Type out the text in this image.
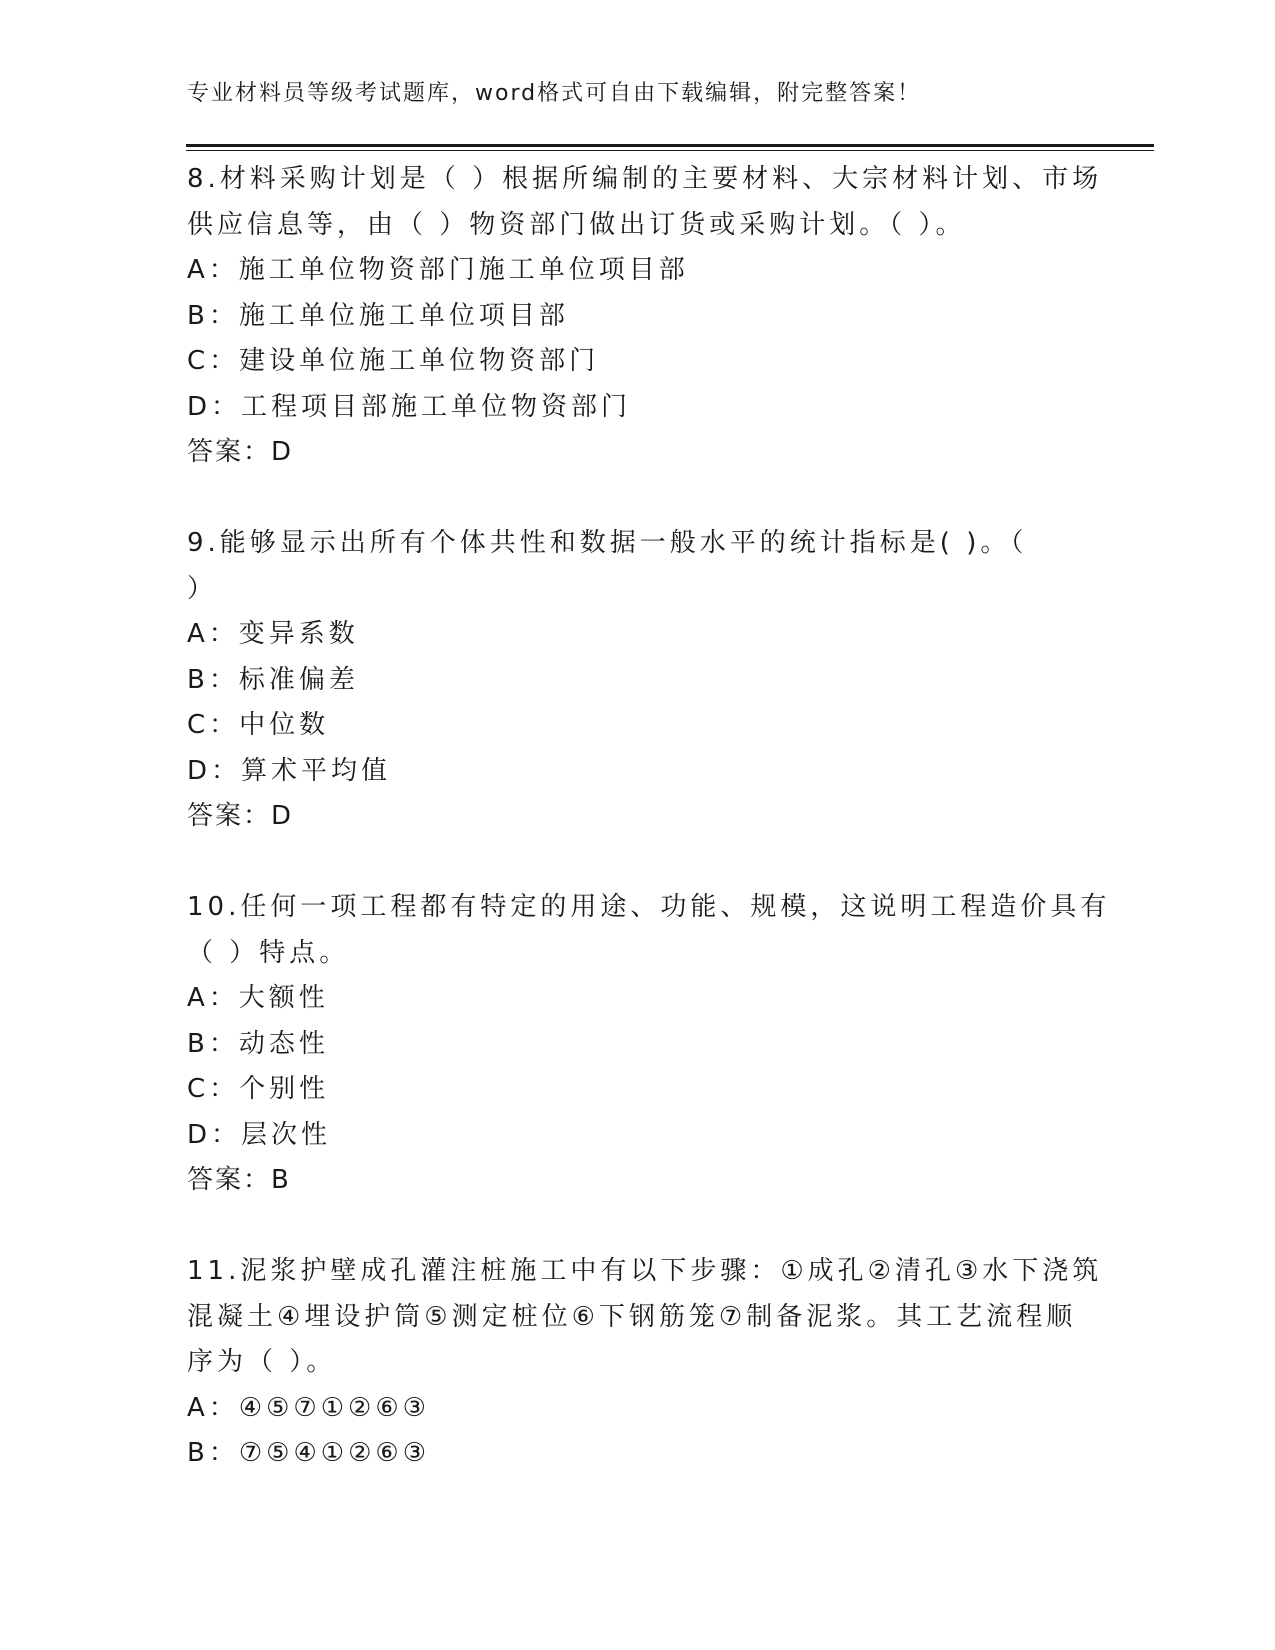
专业材料员等级考试题库，word格式可自由下载编辑，附完整答案！
8.材料采购计划是（ ）根据所编制的主要材料、大宗材料计划、市场
供应信息等，由（ ）物资部门做出订货或采购计划。（ ）。
A：施工单位物资部门施工单位项目部
B：施工单位施工单位项目部
C：建设单位施工单位物资部门
D：工程项目部施工单位物资部门
答案：D
9.能够显示出所有个体共性和数据一般水平的统计指标是( )。（
）
A：变异系数
B：标准偏差
C：中位数
D：算术平均值
答案：D
10.任何一项工程都有特定的用途、功能、规模，这说明工程造价具有
（ ）特点。
A：大额性
B：动态性
C：个别性
D：层次性
答案：B
11.泥浆护壁成孔灌注桩施工中有以下步骤：①成孔②清孔③水下浇筑
混凝土④埋设护筒⑤测定桩位⑥下钢筋笼⑦制备泥浆。其工艺流程顺
序为（ ）。
A：④⑤⑦①②⑥③
B：⑦⑤④①②⑥③
